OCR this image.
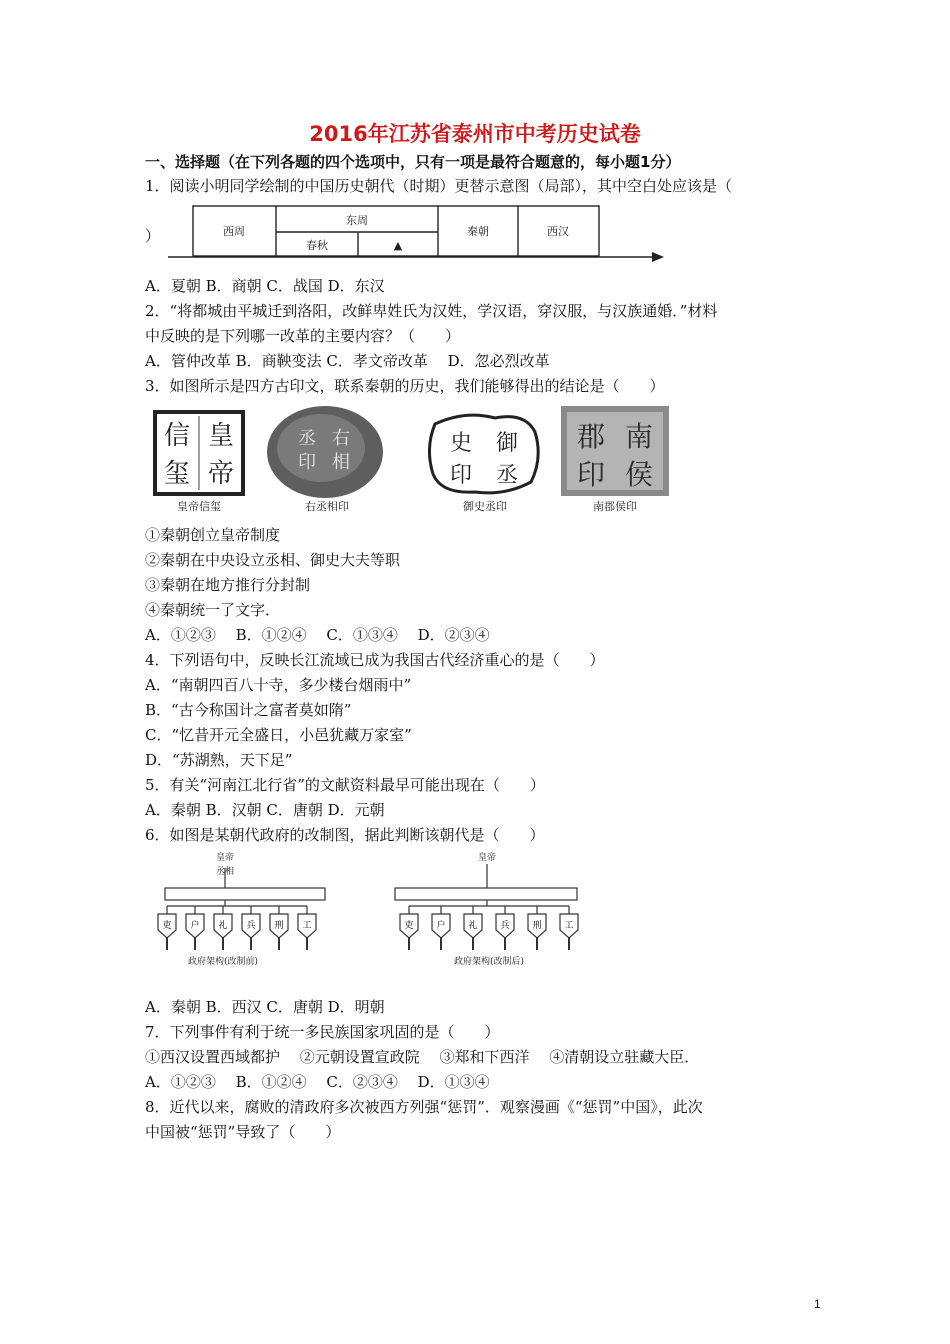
2016年江苏省泰州市中考历史试卷
一、选择题（在下列各题的四个选项中，只有一项是最符合题意的，每小题1分）
1．阅读小明同学绘制的中国历史朝代（时期）更替示意图（局部），其中空白处应该是（
）	西周
东周
春秋	▲
秦朝	西汉
A．夏朝 B．商朝 C．战国 D．东汉
2．“将都城由平城迁到洛阳，改鲜卑姓氏为汉姓，学汉语，穿汉服，与汉族通婚．”材料
中反映的是下列哪一改革的主要内容？（　　）
A．管仲改革 B．商鞅变法 C．孝文帝改革　 D．忽必烈改革
3．如图所示是四方古印文，联系秦朝的历史，我们能够得出的结论是（　　）
皇
信
帝
玺
皇帝信玺
右
丞
相
印
右丞相印
御
史
丞
印
御史丞印
南
郡
侯
印
南郡侯印
①秦朝创立皇帝制度
②秦朝在中央设立丞相、御史大夫等职
③秦朝在地方推行分封制
④秦朝统一了文字．
A．①②③　 B．①②④　 C．①③④　 D．②③④
4．下列语句中，反映长江流域已成为我国古代经济重心的是（　　）
A．“南朝四百八十寺，多少楼台烟雨中”
B．“古今称国计之富者莫如隋”
C．“忆昔开元全盛日，小邑犹藏万家室”
D．“苏湖熟，天下足”
5．有关“河南江北行省”的文献资料最早可能出现在（　　）
A．秦朝 B．汉朝 C．唐朝 D．元朝
6．如图是某朝代政府的改制图，据此判断该朝代是（　　）
皇帝
丞相
政府架构(改制前)
皇帝
政府架构(改制后)
吏 户 礼 兵 刑 工	吏	户	礼	兵	刑	工
A．秦朝 B．西汉 C．唐朝 D．明朝
7．下列事件有利于统一多民族国家巩固的是（　　）
①西汉设置西域都护　 ②元朝设置宣政院　 ③郑和下西洋　 ④清朝设立驻藏大臣．
A．①②③　 B．①②④　 C．②③④　 D．①③④
8．近代以来，腐败的清政府多次被西方列强“惩罚”．观察漫画《“惩罚”中国》，此次
中国被“惩罚”导致了（　　）
1
